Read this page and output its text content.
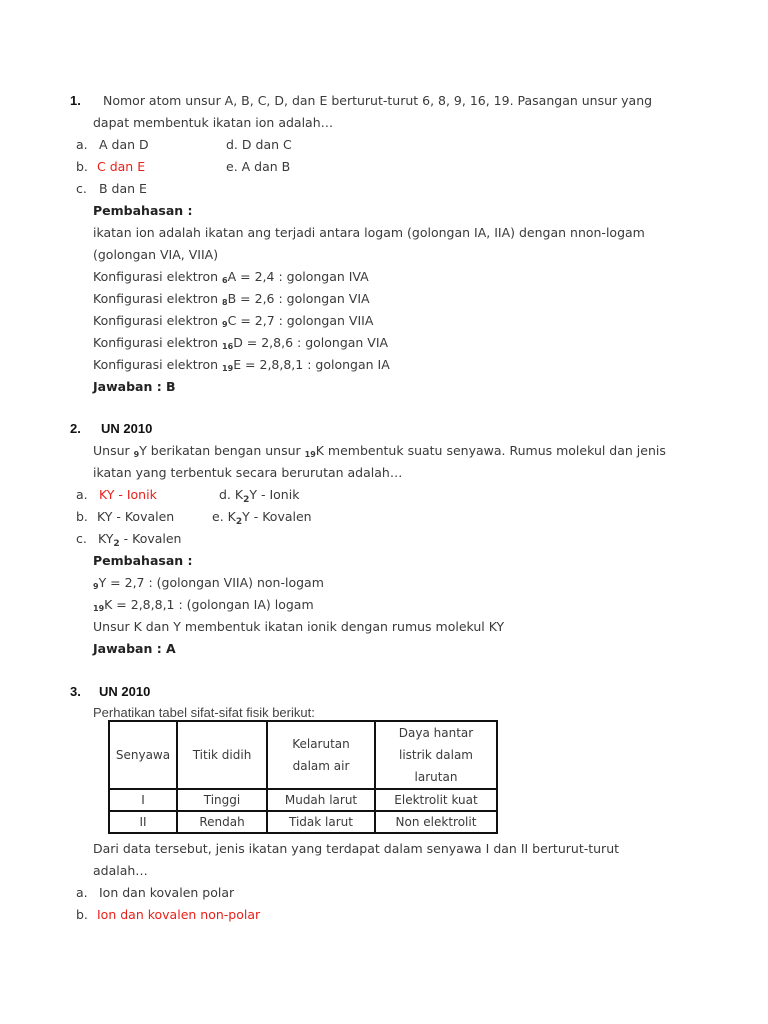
1. Nomor atom unsur A, B, C, D, dan E berturut-turut 6, 8, 9, 16, 19. Pasangan unsur yang
dapat membentuk ikatan ion adalah…
a. A dan D	d. D dan C
b. C dan E	e. A dan B
c. B dan E
Pembahasan :
ikatan ion adalah ikatan ang terjadi antara logam (golongan IA, IIA) dengan nnon-logam
(golongan VIA, VIIA)
Konfigurasi elektron $_6$A = 2,4 : golongan IVA
Konfigurasi elektron $_8$B = 2,6 : golongan VIA
Konfigurasi elektron $_9$C = 2,7 : golongan VIIA
Konfigurasi elektron $_{16}$D = 2,8,6 : golongan VIA
Konfigurasi elektron $_{19}$E = 2,8,8,1 : golongan IA
Jawaban : B
2. UN 2010
Unsur $_9$Y berikatan bengan unsur $_{19}$K membentuk suatu senyawa. Rumus molekul dan jenis
ikatan yang terbentuk secara berurutan adalah…
a. KY - Ionik	d. $K_2Y$ - Ionik
b. KY - Kovalen	e. $K_2Y$ - Kovalen
c. $KY_2$ - Kovalen
Pembahasan :
$_9$Y = 2,7 : (golongan VIIA) non-logam
$_{19}$K = 2,8,8,1 : (golongan IA) logam
Unsur K dan Y membentuk ikatan ionik dengan rumus molekul KY
Jawaban : A
3. UN 2010
Perhatikan tabel sifat-sifat fisik berikut:
Senyawa	Titik didih	Kelarutan dalam air	Daya hantar listrik dalam larutan
I	Tinggi	Mudah larut	Elektrolit kuat
II	Rendah	Tidak larut	Non elektrolit
Dari data tersebut, jenis ikatan yang terdapat dalam senyawa I dan II berturut-turut
adalah…
a. Ion dan kovalen polar
b. Ion dan kovalen non-polar
